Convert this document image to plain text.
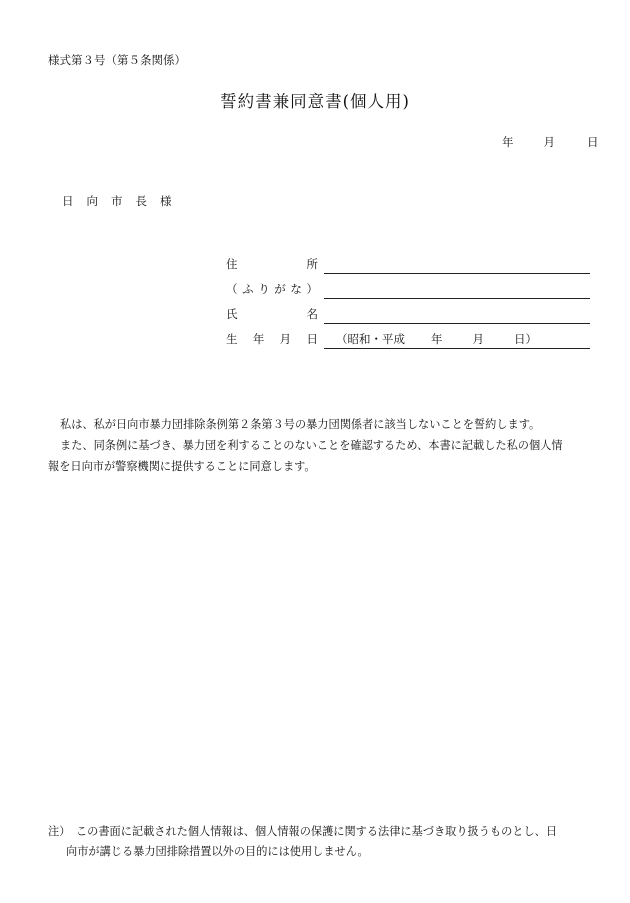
様式第３号（第５条関係）
誓約書兼同意書(個人用)
年	月	日
日向市長様
住	所
（ ふ り が な ）
氏	名
生 年 月 日 （昭和・平成 年	月	日）

私は、私が日向市暴力団排除条例第２条第３号の暴力団関係者に該当しないことを誓約します。

また、同条例に基づき、暴力団を利することのないことを確認するため、本書に記載した私の個人情

報を日向市が警察機関に提供することに同意します。

注）　この書面に記載された個人情報は、個人情報の保護に関する法律に基づき取り扱うものとし、日
向市が講じる暴力団排除措置以外の目的には使用しません。
